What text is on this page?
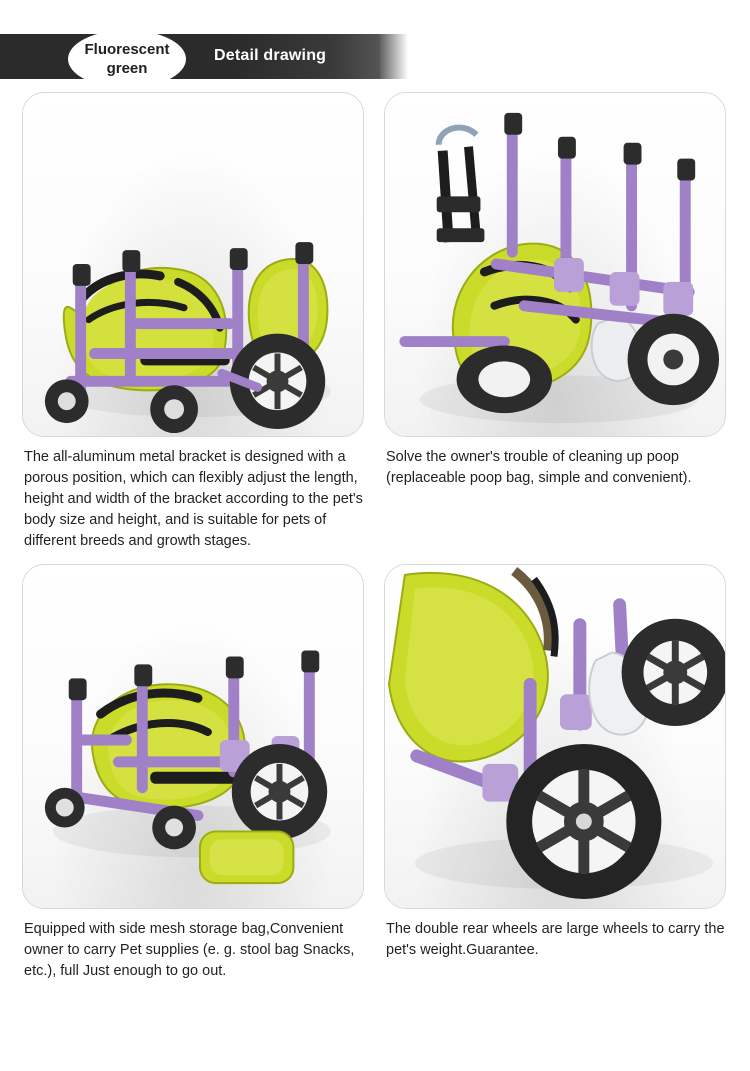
Fluorescent green
Detail drawing
The all-aluminum metal bracket is designed with a porous position, which can flexibly adjust the length, height and width of the bracket according to the pet's body size and height, and is suitable for pets of different breeds and growth stages.
Solve the owner's trouble of cleaning up poop (replaceable poop bag, simple and convenient).
Equipped with side mesh storage bag,Convenient owner to carry Pet supplies (e. g. stool bag Snacks, etc.), full Just enough to go out.
The double rear wheels are large wheels to carry the pet's weight.Guarantee.
